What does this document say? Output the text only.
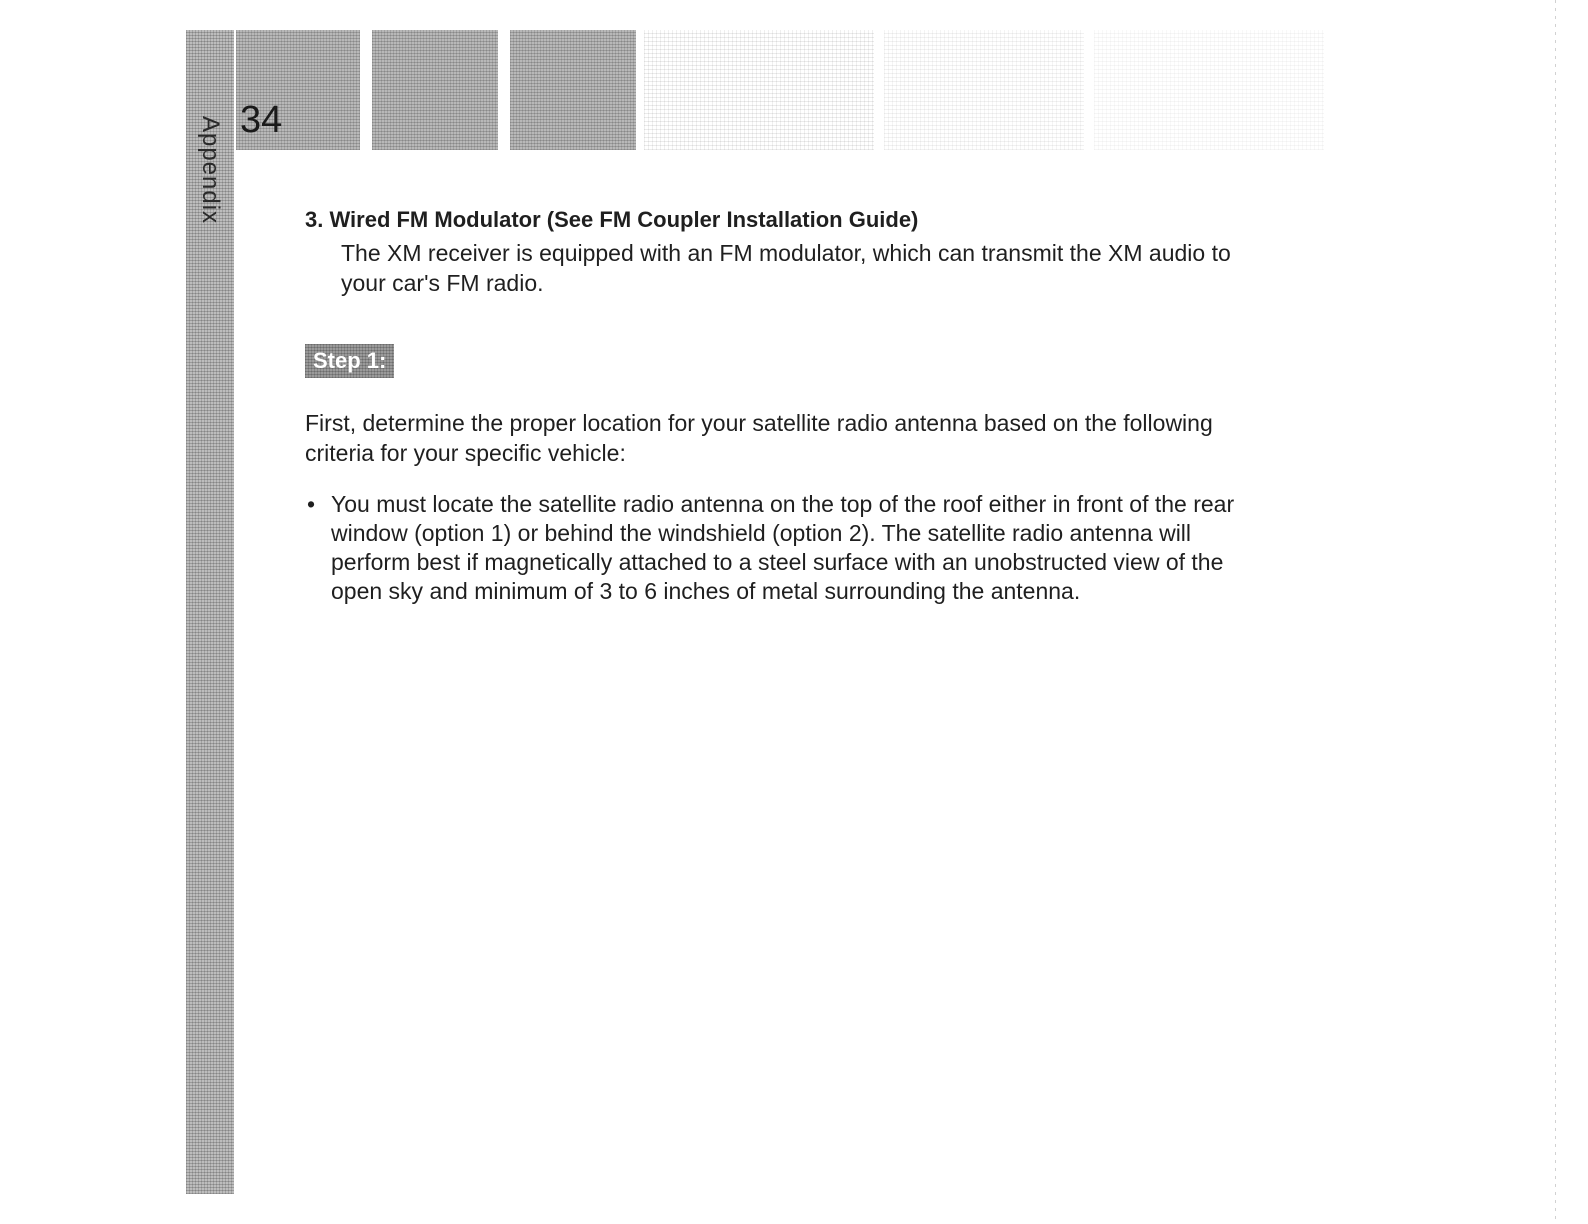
Appendix 34
3. Wired FM Modulator (See FM Coupler Installation Guide)

The XM receiver is equipped with an FM modulator, which can transmit the XM audio to your car's FM radio.

Step 1:

First, determine the proper location for your satellite radio antenna based on the following criteria for your specific vehicle:

• You must locate the satellite radio antenna on the top of the roof either in front of the rear window (option 1) or behind the windshield (option 2). The satellite radio antenna will perform best if magnetically attached to a steel surface with an unobstructed view of the open sky and minimum of 3 to 6 inches of metal surrounding the antenna.
